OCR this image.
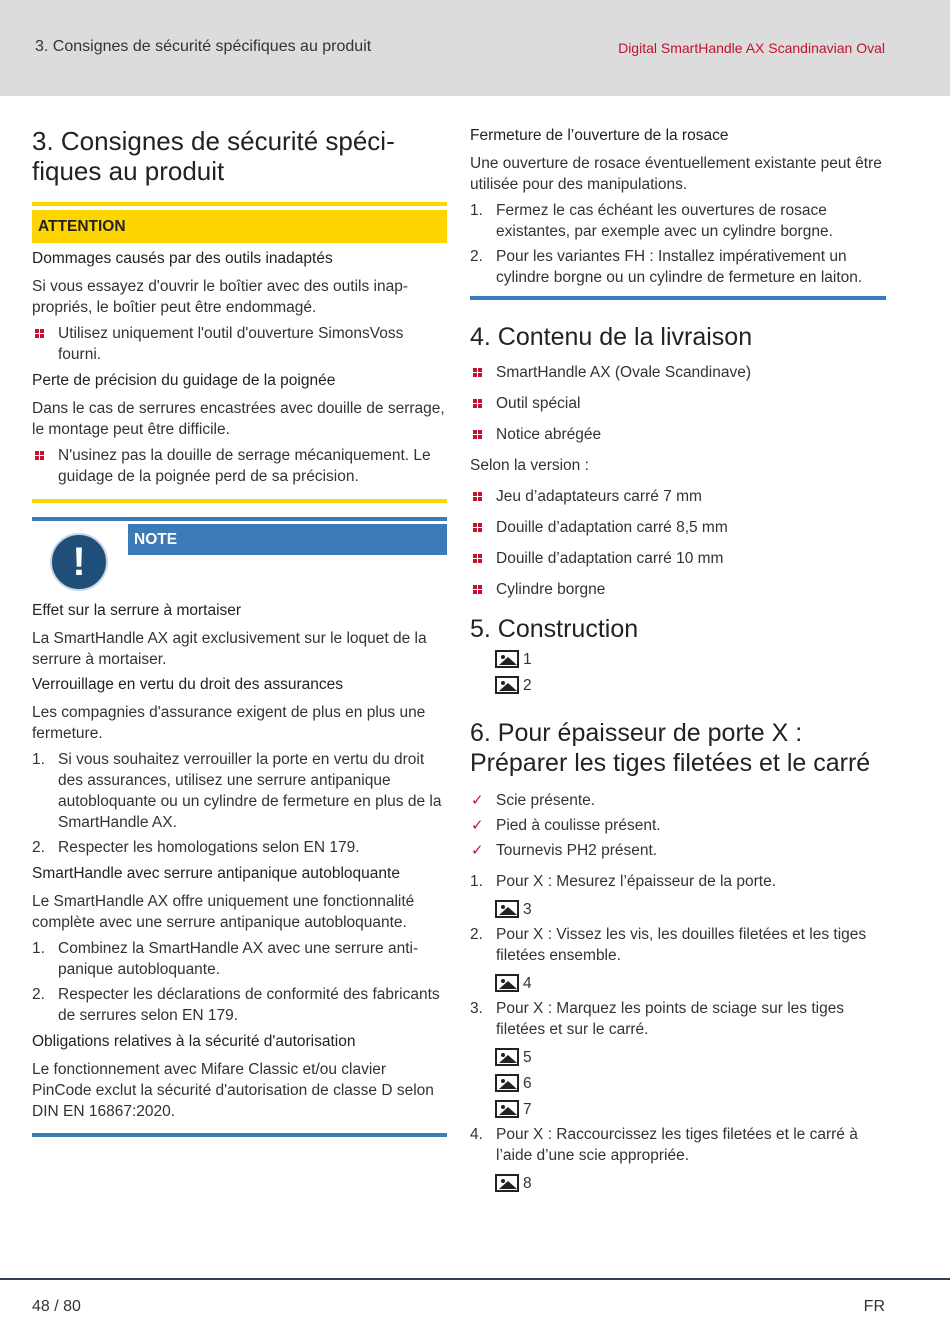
3. Consignes de sécurité spécifiques au produit	Digital SmartHandle AX Scandinavian Oval
3. Consignes de sécurité spécifiques au produit
ATTENTION
Dommages causés par des outils inadaptés

Si vous essayez d'ouvrir le boîtier avec des outils inappropriés, le boîtier peut être endommagé.

Utilisez uniquement l'outil d'ouverture SimonsVoss fourni.
Perte de précision du guidage de la poignée

Dans le cas de serrures encastrées avec douille de serrage, le montage peut être difficile.

N'usinez pas la douille de serrage mécaniquement. Le guidage de la poignée perd de sa précision.
NOTE
!
Effet sur la serrure à mortaiser

La SmartHandle AX agit exclusivement sur le loquet de la serrure à mortaiser.

Verrouillage en vertu du droit des assurances

Les compagnies d'assurance exigent de plus en plus une fermeture.

1. Si vous souhaitez verrouiller la porte en vertu du droit des assurances, utilisez une serrure antipanique autobloquante ou un cylindre de fermeture en plus de la SmartHandle AX.
2. Respecter les homologations selon EN 179.
SmartHandle avec serrure antipanique autobloquante

Le SmartHandle AX offre uniquement une fonctionnalité complète avec une serrure antipanique autobloquante.

1. Combinez la SmartHandle AX avec une serrure anti-panique autobloquante.
2. Respecter les déclarations de conformité des fabricants de serrures selon EN 179.
Obligations relatives à la sécurité d'autorisation

Le fonctionnement avec Mifare Classic et/ou clavier PinCode exclut la sécurité d'autorisation de classe D selon DIN EN 16867:2020.

Fermeture de l’ouverture de la rosace

Une ouverture de rosace éventuellement existante peut être utilisée pour des manipulations.

1. Fermez le cas échéant les ouvertures de rosace existantes, par exemple avec un cylindre borgne.
2. Pour les variantes FH : Installez impérativement un cylindre borgne ou un cylindre de fermeture en laiton.
4. Contenu de la livraison
SmartHandle AX (Ovale Scandinave)
Outil spécial
Notice abrégée

Selon la version :

Jeu d’adaptateurs carré 7 mm
Douille d’adaptation carré 8,5 mm
Douille d’adaptation carré 10 mm
Cylindre borgne
5. Construction
1
2
6. Pour épaisseur de porte X : Préparer les tiges filetées et le carré
✓ Scie présente.
✓ Pied à coulisse présent.
✓ Tournevis PH2 présent.
1. Pour X : Mesurez l’épaisseur de la porte.
3
2. Pour X : Vissez les vis, les douilles filetées et les tiges filetées ensemble.
4
3. Pour X : Marquez les points de sciage sur les tiges filetées et sur le carré.
5
6
7
4. Pour X : Raccourcissez les tiges filetées et le carré à l’aide d’une scie appropriée.
8
48 / 80	FR
